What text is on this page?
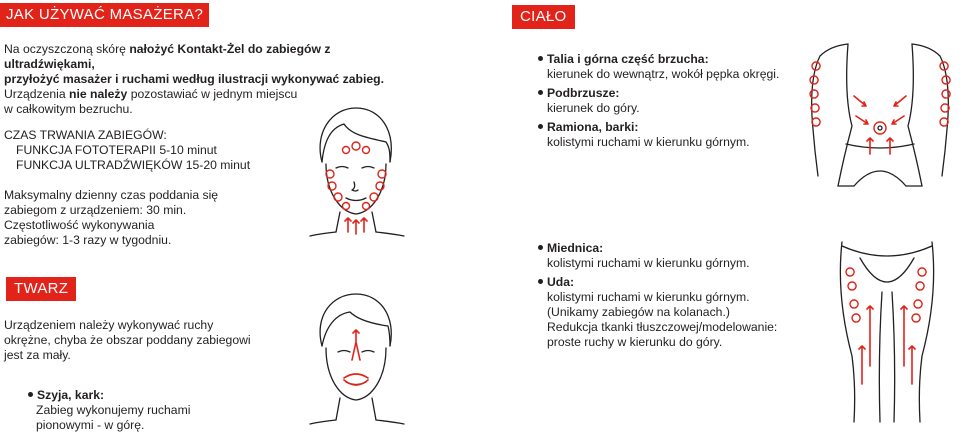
JAK UŻYWAĆ MASAŻERA?
Na oczyszczoną skórę nałożyć Kontakt-Żel do zabiegów z ultradźwiękami,
przyłożyć masażer i ruchami według ilustracji wykonywać zabieg.
Urządzenia nie należy pozostawiać w jednym miejscu
w całkowitym bezruchu.
CZAS TRWANIA ZABIEGÓW:
FUNKCJA FOTOTERAPII 5-10 minut
FUNKCJA ULTRADŹWIĘKÓW 15-20 minut
Maksymalny dzienny czas poddania się
zabiegom z urządzeniem: 30 min.
Częstotliwość wykonywania
zabiegów: 1-3 razy w tygodniu.
TWARZ
Urządzeniem należy wykonywać ruchy
okrężne, chyba że obszar poddany zabiegowi
jest za mały.
Szyja, kark:
Zabieg wykonujemy ruchami
pionowymi - w górę.
CIAŁO
Talia i górna część brzucha:
kierunek do wewnątrz, wokół pępka okręgi.
Podbrzusze:
kierunek do góry.
Ramiona, barki:
kolistymi ruchami w kierunku górnym.
Miednica:
kolistymi ruchami w kierunku górnym.
Uda:
kolistymi ruchami w kierunku górnym.
(Unikamy zabiegów na kolanach.)
Redukcja tkanki tłuszczowej/modelowanie:
proste ruchy w kierunku do góry.
